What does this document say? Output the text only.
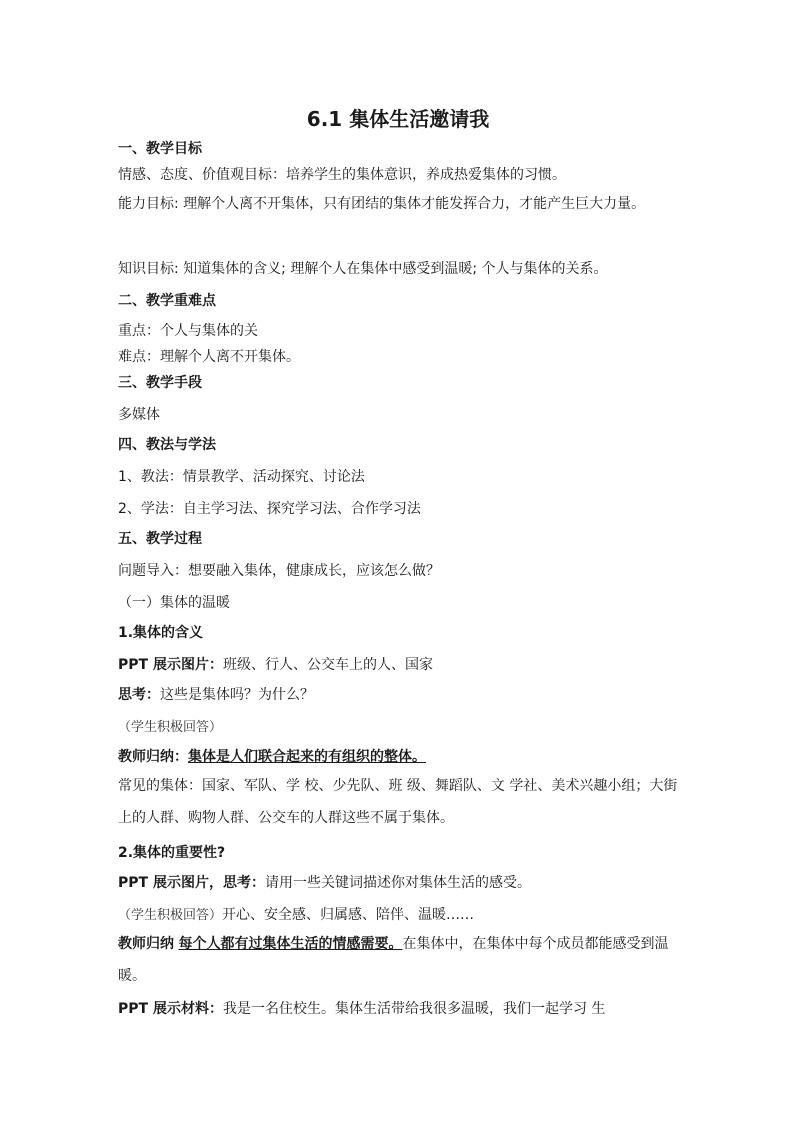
6.1 集体生活邀请我
一、教学目标
情感、态度、价值观目标：培养学生的集体意识，养成热爱集体的习惯。
能力目标: 理解个人离不开集体，只有团结的集体才能发挥合力，才能产生巨大力量。
知识目标: 知道集体的含义; 理解个人在集体中感受到温暖; 个人与集体的关系。
二、教学重难点
重点：个人与集体的关
难点：理解个人离不开集体。
三、教学手段
多媒体
四、教法与学法
1、教法：情景教学、活动探究、讨论法
2、学法：自主学习法、探究学习法、合作学习法
五、教学过程
问题导入：想要融入集体，健康成长，应该怎么做？
（一）集体的温暖
1.集体的含义
PPT 展示图片：班级、行人、公交车上的人、国家
思考：这些是集体吗？为什么？
（学生积极回答）
教师归纳：集体是人们联合起来的有组织的整体。
常见的集体：国家、军队、学 校、少先队、班 级、舞蹈队、文 学社、美术兴趣小组；大街上的人群、购物人群、公交车的人群这些不属于集体。
2.集体的重要性?
PPT 展示图片，思考：请用一些关键词描述你对集体生活的感受。
（学生积极回答）开心、安全感、归属感、陪伴、温暖……
教师归纳 每个人都有过集体生活的情感需要。在集体中，在集体中每个成员都能感受到温暖。
PPT 展示材料：我是一名住校生。集体生活带给我很多温暖，我们一起学习 生
